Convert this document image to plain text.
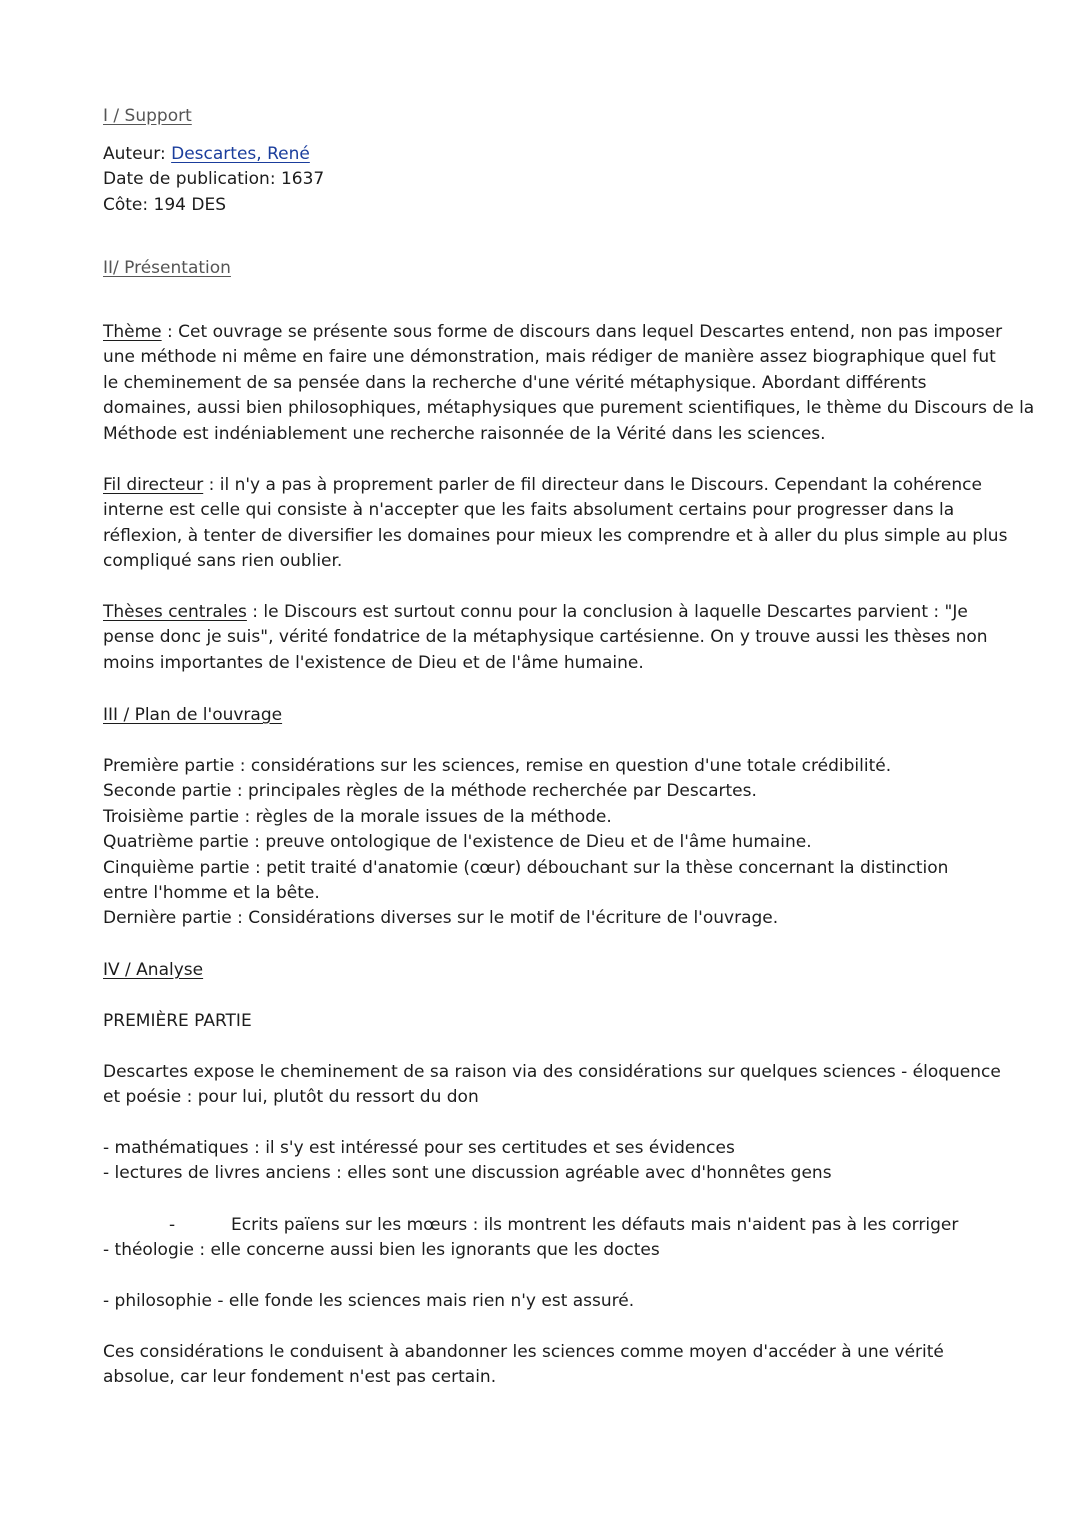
I / Support
Auteur: Descartes, René
Date de publication: 1637
Côte: 194 DES
II/ Présentation
Thème : Cet ouvrage se présente sous forme de discours dans lequel Descartes entend, non pas imposer
une méthode ni même en faire une démonstration, mais rédiger de manière assez biographique quel fut
le cheminement de sa pensée dans la recherche d'une vérité métaphysique. Abordant différents
domaines, aussi bien philosophiques, métaphysiques que purement scientifiques, le thème du Discours de la
Méthode est indéniablement une recherche raisonnée de la Vérité dans les sciences.
Fil directeur : il n'y a pas à proprement parler de fil directeur dans le Discours. Cependant la cohérence
interne est celle qui consiste à n'accepter que les faits absolument certains pour progresser dans la
réflexion, à tenter de diversifier les domaines pour mieux les comprendre et à aller du plus simple au plus
compliqué sans rien oublier.
Thèses centrales : le Discours est surtout connu pour la conclusion à laquelle Descartes parvient : "Je
pense donc je suis", vérité fondatrice de la métaphysique cartésienne. On y trouve aussi les thèses non
moins importantes de l'existence de Dieu et de l'âme humaine.
III / Plan de l'ouvrage
Première partie : considérations sur les sciences, remise en question d'une totale crédibilité.
Seconde partie : principales règles de la méthode recherchée par Descartes.
Troisième partie : règles de la morale issues de la méthode.
Quatrième partie : preuve ontologique de l'existence de Dieu et de l'âme humaine.
Cinquième partie : petit traité d'anatomie (cœur) débouchant sur la thèse concernant la distinction
entre l'homme et la bête.
Dernière partie : Considérations diverses sur le motif de l'écriture de l'ouvrage.
IV / Analyse
PREMIÈRE PARTIE
Descartes expose le cheminement de sa raison via des considérations sur quelques sciences - éloquence
et poésie : pour lui, plutôt du ressort du don
- mathématiques : il s'y est intéressé pour ses certitudes et ses évidences
- lectures de livres anciens : elles sont une discussion agréable avec d'honnêtes gens
-	Ecrits païens sur les mœurs : ils montrent les défauts mais n'aident pas à les corriger
- théologie : elle concerne aussi bien les ignorants que les doctes
- philosophie - elle fonde les sciences mais rien n'y est assuré.
Ces considérations le conduisent à abandonner les sciences comme moyen d'accéder à une vérité
absolue, car leur fondement n'est pas certain.
